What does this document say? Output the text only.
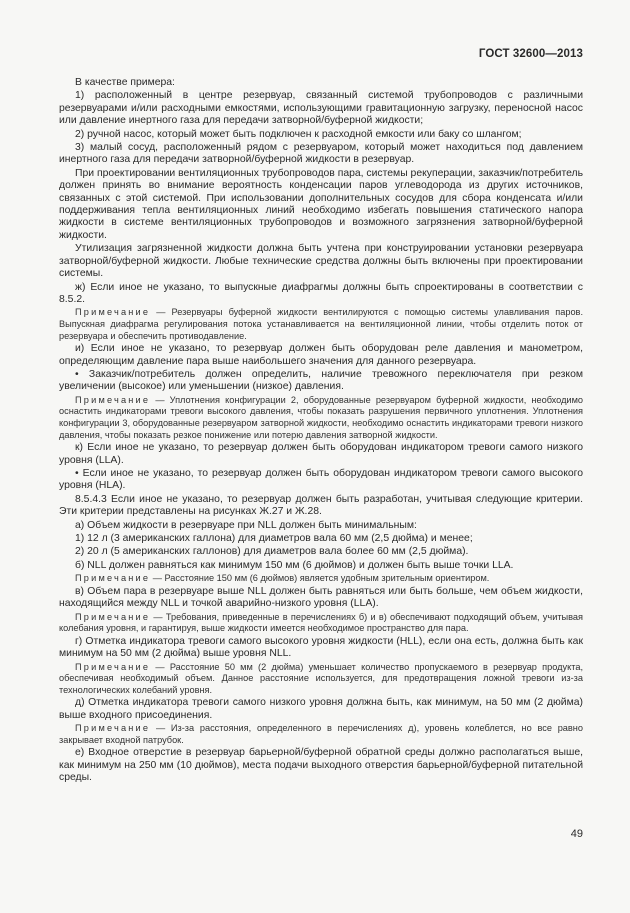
ГОСТ 32600—2013

В качестве примера:

1) расположенный в центре резервуар, связанный системой трубопроводов с различными резервуарами и/или расходными емкостями, использующими гравитационную загрузку, переносной насос или давление инертного газа для передачи затворной/буферной жидкости;

2) ручной насос, который может быть подключен к расходной емкости или баку со шлангом;

3) малый сосуд, расположенный рядом с резервуаром, который может находиться под давлением инертного газа для передачи затворной/буферной жидкости в резервуар.

При проектировании вентиляционных трубопроводов пара, системы рекуперации, заказчик/потребитель должен принять во внимание вероятность конденсации паров углеводорода из других источников, связанных с этой системой. При использовании дополнительных сосудов для сбора конденсата и/или поддерживания тепла вентиляционных линий необходимо избегать повышения статического напора жидкости в системе вентиляционных трубопроводов и возможного загрязнения затворной/буферной жидкости.

Утилизация загрязненной жидкости должна быть учтена при конструировании установки резервуара затворной/буферной жидкости. Любые технические средства должны быть включены при проектировании системы.

ж) Если иное не указано, то выпускные диафрагмы должны быть спроектированы в соответствии с 8.5.2.

Примечание — Резервуары буферной жидкости вентилируются с помощью системы улавливания паров. Выпускная диафрагма регулирования потока устанавливается на вентиляционной линии, чтобы отделить поток от резервуара и обеспечить противодавление.

и) Если иное не указано, то резервуар должен быть оборудован реле давления и манометром, определяющим давление пара выше наибольшего значения для данного резервуара.

• Заказчик/потребитель должен определить, наличие тревожного переключателя при резком увеличении (высокое) или уменьшении (низкое) давления.

Примечание — Уплотнения конфигурации 2, оборудованные резервуаром буферной жидкости, необходимо оснастить индикаторами тревоги высокого давления, чтобы показать разрушения первичного уплотнения. Уплотнения конфигурации 3, оборудованные резервуаром затворной жидкости, необходимо оснастить индикаторами тревоги низкого давления, чтобы показать резкое понижение или потерю давления затворной жидкости.

к) Если иное не указано, то резервуар должен быть оборудован индикатором тревоги самого низкого уровня (LLA).

• Если иное не указано, то резервуар должен быть оборудован индикатором тревоги самого высокого уровня (HLA).

8.5.4.3 Если иное не указано, то резервуар должен быть разработан, учитывая следующие критерии. Эти критерии представлены на рисунках Ж.27 и Ж.28.

а) Объем жидкости в резервуаре при NLL должен быть минимальным:

1) 12 л (3 американских галлона) для диаметров вала 60 мм (2,5 дюйма) и менее;

2) 20 л (5 американских галлонов) для диаметров вала более 60 мм (2,5 дюйма).

б) NLL должен равняться как минимум 150 мм (6 дюймов) и должен быть выше точки LLA.

Примечание — Расстояние 150 мм (6 дюймов) является удобным зрительным ориентиром.

в) Объем пара в резервуаре выше NLL должен быть равняться или быть больше, чем объем жидкости, находящийся между NLL и точкой аварийно-низкого уровня (LLA).

Примечание — Требования, приведенные в перечислениях б) и в) обеспечивают подходящий объем, учитывая колебания уровня, и гарантируя, выше жидкости имеется необходимое пространство для пара.

г) Отметка индикатора тревоги самого высокого уровня жидкости (HLL), если она есть, должна быть как минимум на 50 мм (2 дюйма) выше уровня NLL.

Примечание — Расстояние 50 мм (2 дюйма) уменьшает количество пропускаемого в резервуар продукта, обеспечивая необходимый объем. Данное расстояние используется, для предотвращения ложной тревоги из-за технологических колебаний уровня.

д) Отметка индикатора тревоги самого низкого уровня должна быть, как минимум, на 50 мм (2 дюйма) выше входного присоединения.

Примечание — Из-за расстояния, определенного в перечислениях д), уровень колеблется, но все равно закрывает входной патрубок.

е) Входное отверстие в резервуар барьерной/буферной обратной среды должно располагаться выше, как минимум на 250 мм (10 дюймов), места подачи выходного отверстия барьерной/буферной питательной среды.

49
